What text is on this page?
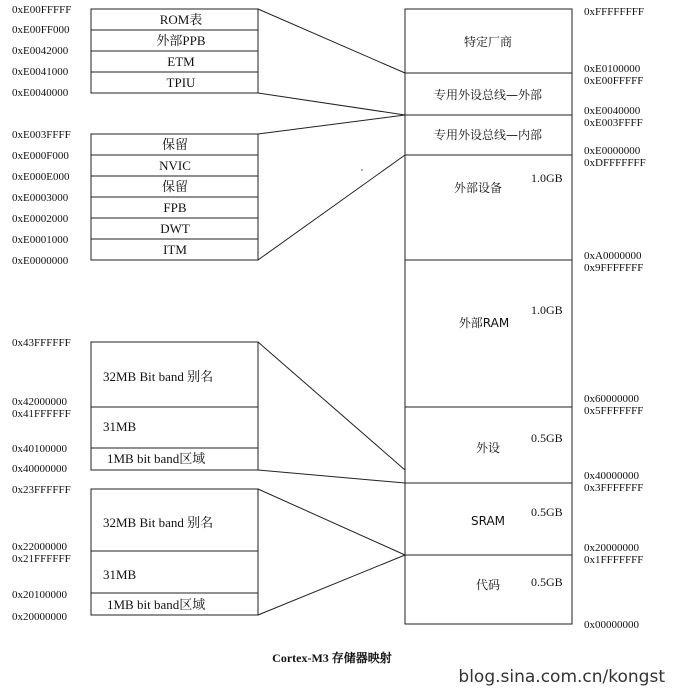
特定厂商
专用外设总线—外部
专用外设总线—内部
外部设备
1.0GB
外部RAM
1.0GB
外设
0.5GB
SRAM
0.5GB
代码	0.5GB
0xFFFFFFFF
0xE0100000
0xE00FFFFF
0xE0040000
0xE003FFFF
0xE0000000
0xDFFFFFFF
0xA0000000
0x9FFFFFFF
0x60000000
0x5FFFFFFF
0x40000000
0x3FFFFFFF
0x20000000
0x1FFFFFFF
0x00000000
ROM表
外部PPB
ETM
TPIU
0xE00FFFFF
0xE00FF000
0xE0042000
0xE0041000
0xE0040000
保留
NVIC
保留
FPB
DWT
ITM
0xE003FFFF
0xE000F000
0xE000E000
0xE0003000
0xE0002000
0xE0001000
0xE0000000
32MB Bit band 别名
31MB
1MB bit band区域
0x43FFFFFF
0x42000000
0x41FFFFFF
0x40100000
0x40000000
32MB Bit band 别名
31MB
1MB bit band区域
0x23FFFFFF
0x22000000
0x21FFFFFF
0x20100000
0x20000000
Cortex-M3 存储器映射
blog.sina.com.cn/kongst
